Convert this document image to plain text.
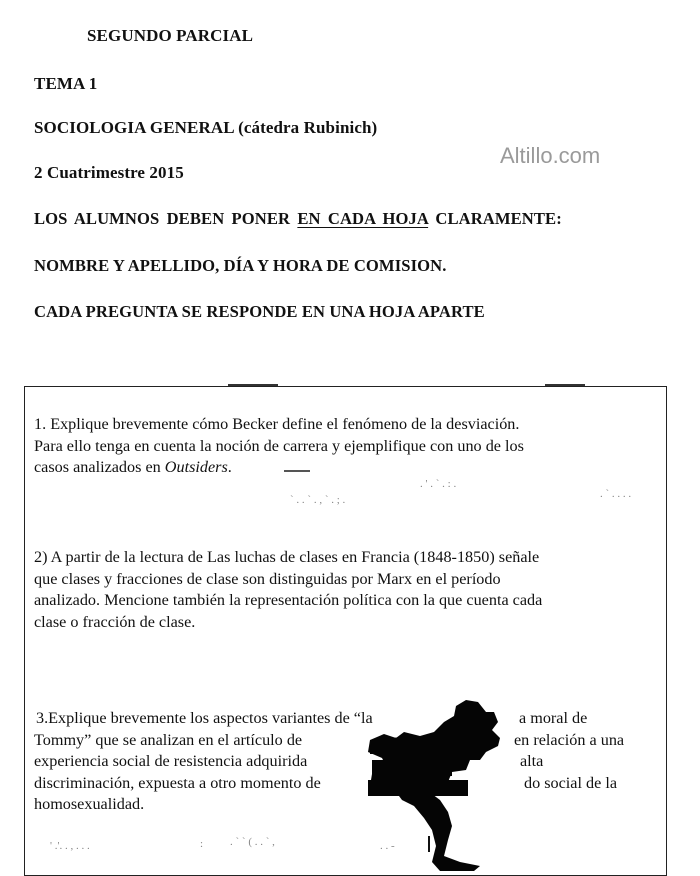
SEGUNDO PARCIAL
TEMA 1
SOCIOLOGIA GENERAL (cátedra Rubinich)
2 Cuatrimestre 2015
Altillo.com
LOS ALUMNOS DEBEN PONER EN CADA HOJA CLARAMENTE:
NOMBRE Y APELLIDO, DÍA Y HORA DE COMISION.
CADA PREGUNTA SE RESPONDE EN UNA HOJA APARTE
1. Explique brevemente cómo Becker define el fenómeno de la desviación.
Para ello tenga en cuenta la noción de carrera y ejemplifique con uno de los
casos analizados en Outsiders.
` . . ` . , ` . ; .
. ' . ` . : .
. ` . . . .
2) A partir de la lectura de Las luchas de clases en Francia (1848-1850) señale
que clases y fracciones de clase son distinguidas por Marx en el período
analizado. Mencione también la representación política con la que cuenta cada
clase o fracción de clase.
3.Explique brevemente los aspectos variantes de “la	a moral de
Tommy” que se analizan en el artículo de	en relación a una
experiencia social de resistencia adquirida	alta
discriminación, expuesta a otro momento de	do social de la
homosexualidad.
' .'. . , . . .	: . ` ` ( . . ` ,	. . -
